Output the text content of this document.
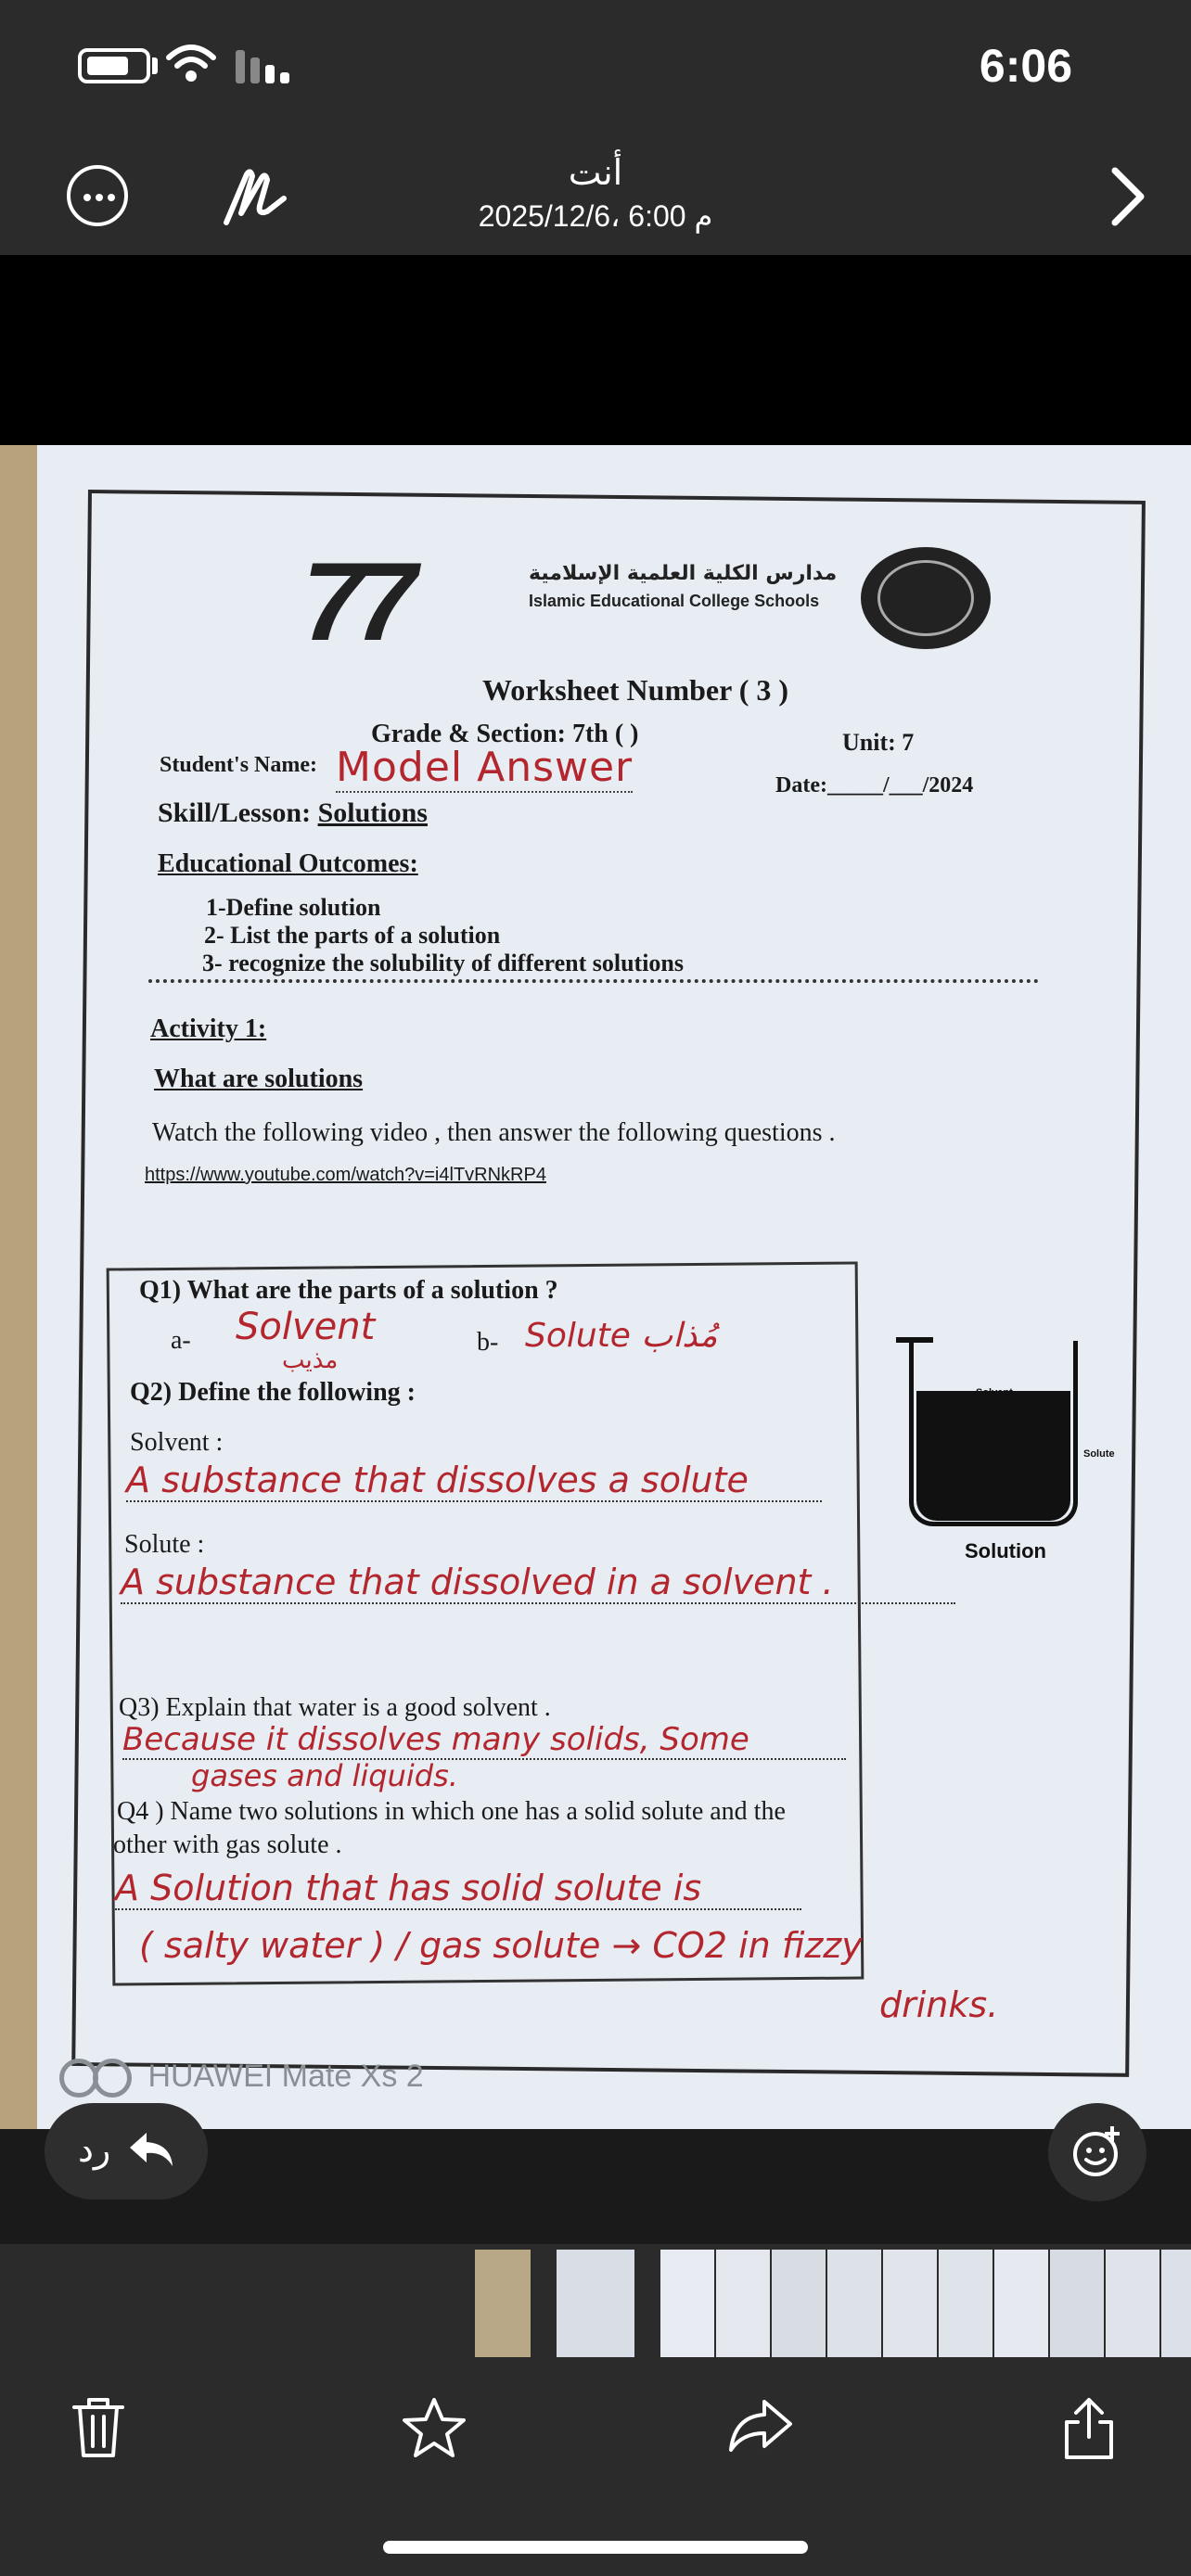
6:06
أنت
2025/12/6، 6:00 م
77	مدارس الكلية العلمية الإسلامية
Islamic Educational College Schools
Worksheet Number ( 3 )
Grade & Section: 7th ( )	Unit: 7
Student's Name: Model Answer	Date:_____/___/2024
Skill/Lesson: Solutions
Educational Outcomes:
1-Define solution
2- List the parts of a solution
3- recognize the solubility of different solutions
Activity 1:
What are solutions
Watch the following video , then answer the following questions .
https://www.youtube.com/watch?v=i4lTvRNkRP4
Q1) What are the parts of a solution ?
a- Solvent
مذيب
b- Solute مُذاب
Q2) Define the following :
Solvent :
A substance that dissolves a solute
Solute :
A substance that dissolved in a solvent .
Q3) Explain that water is a good solvent .
Because it dissolves many solids, Some
gases and liquids.
Q4 ) Name two solutions in which one has a solid solute and the
other with gas solute .
A Solution that has solid solute is
( salty water ) / gas solute → CO2 in fizzy
drinks.
Solvent
Solute
Solution
HUAWEI Mate Xs 2
رد
